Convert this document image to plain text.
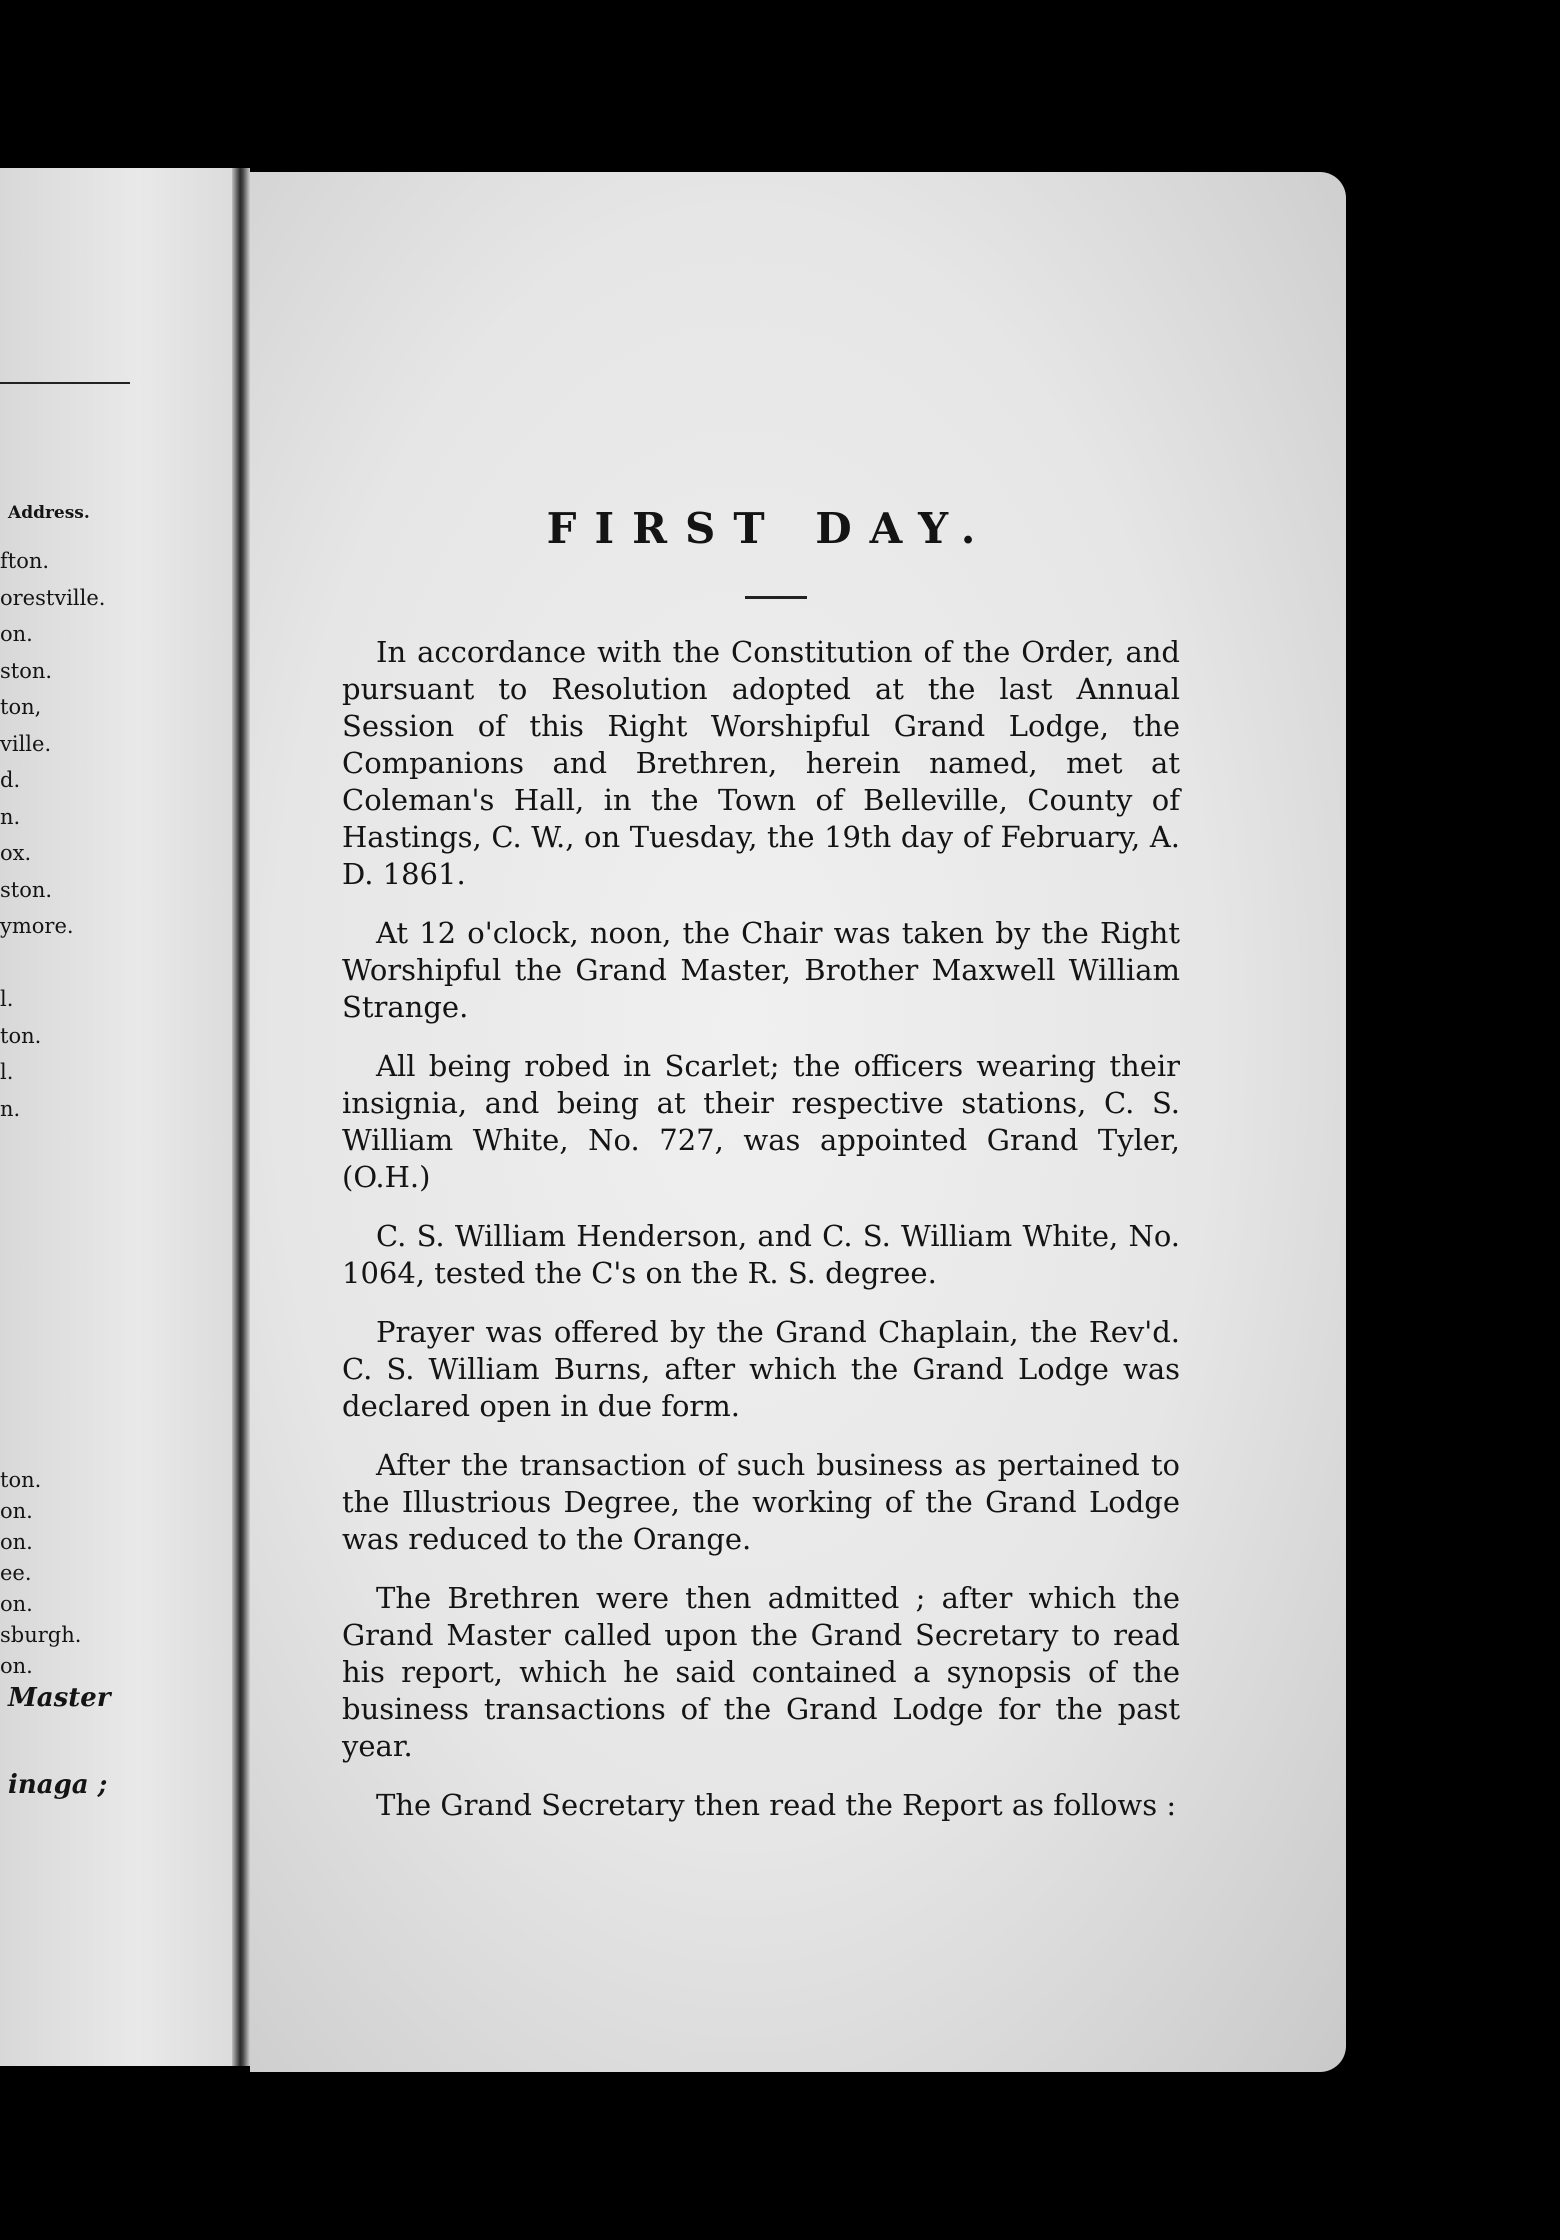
Address.
fton.
orestville.
on.
ston.
ton,
ville.
d.
n.
ox.
ston.
ymore.
l.
ton.
l.
n.
ton.
on.
on.
ee.
on.
sburgh.
on.
Master
inaga ;
FIRST DAY.

In accordance with the Constitution of the Order, and pursuant to Resolution adopted at the last Annual Session of this Right Worshipful Grand Lodge, the Companions and Brethren, herein named, met at Coleman's Hall, in the Town of Belleville, County of Hastings, C. W., on Tuesday, the 19th day of February, A. D. 1861.

At 12 o'clock, noon, the Chair was taken by the Right Worshipful the Grand Master, Brother Maxwell William Strange.

All being robed in Scarlet; the officers wearing their insignia, and being at their respective stations, C. S. William White, No. 727, was appointed Grand Tyler, (O.H.)

C. S. William Henderson, and C. S. William White, No. 1064, tested the C's on the R. S. degree.

Prayer was offered by the Grand Chaplain, the Rev'd. C. S. William Burns, after which the Grand Lodge was declared open in due form.

After the transaction of such business as pertained to the Illustrious Degree, the working of the Grand Lodge was reduced to the Orange.

The Brethren were then admitted ; after which the Grand Master called upon the Grand Secretary to read his report, which he said contained a synopsis of the business transactions of the Grand Lodge for the past year.

The Grand Secretary then read the Report as follows :
